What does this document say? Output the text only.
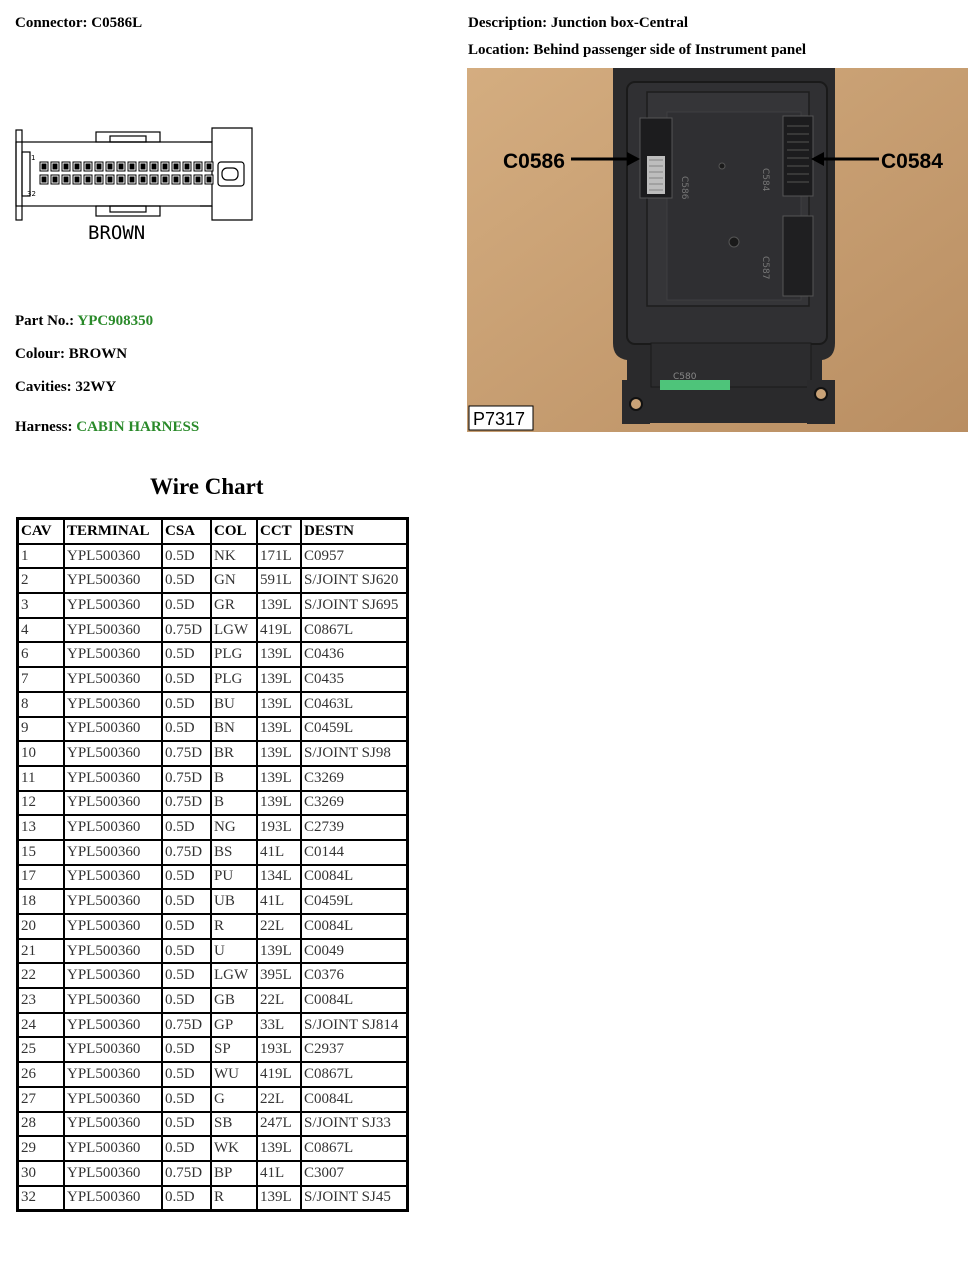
Connector: C0586L	Description: Junction box-Central
Location: Behind passenger side of Instrument panel
1
32
BROWN
Part No.: YPC908350
Colour: BROWN
Cavities: 32WY
Harness: CABIN HARNESS
C586	C584
C587
C580
C0586	C0584
P7317
Wire Chart
CAV	TERMINAL	CSA	COL	CCT	DESTN
1	YPL500360	0.5D	NK	171L	C0957
2	YPL500360	0.5D	GN	591L	S/JOINT SJ620
3	YPL500360	0.5D	GR	139L	S/JOINT SJ695
4	YPL500360	0.75D	LGW	419L	C0867L
6	YPL500360	0.5D	PLG	139L	C0436
7	YPL500360	0.5D	PLG	139L	C0435
8	YPL500360	0.5D	BU	139L	C0463L
9	YPL500360	0.5D	BN	139L	C0459L
10	YPL500360	0.75D	BR	139L	S/JOINT SJ98
11	YPL500360	0.75D	B	139L	C3269
12	YPL500360	0.75D	B	139L	C3269
13	YPL500360	0.5D	NG	193L	C2739
15	YPL500360	0.75D	BS	41L	C0144
17	YPL500360	0.5D	PU	134L	C0084L
18	YPL500360	0.5D	UB	41L	C0459L
20	YPL500360	0.5D	R	22L	C0084L
21	YPL500360	0.5D	U	139L	C0049
22	YPL500360	0.5D	LGW	395L	C0376
23	YPL500360	0.5D	GB	22L	C0084L
24	YPL500360	0.75D	GP	33L	S/JOINT SJ814
25	YPL500360	0.5D	SP	193L	C2937
26	YPL500360	0.5D	WU	419L	C0867L
27	YPL500360	0.5D	G	22L	C0084L
28	YPL500360	0.5D	SB	247L	S/JOINT SJ33
29	YPL500360	0.5D	WK	139L	C0867L
30	YPL500360	0.75D	BP	41L	C3007
32	YPL500360	0.5D	R	139L	S/JOINT SJ45
